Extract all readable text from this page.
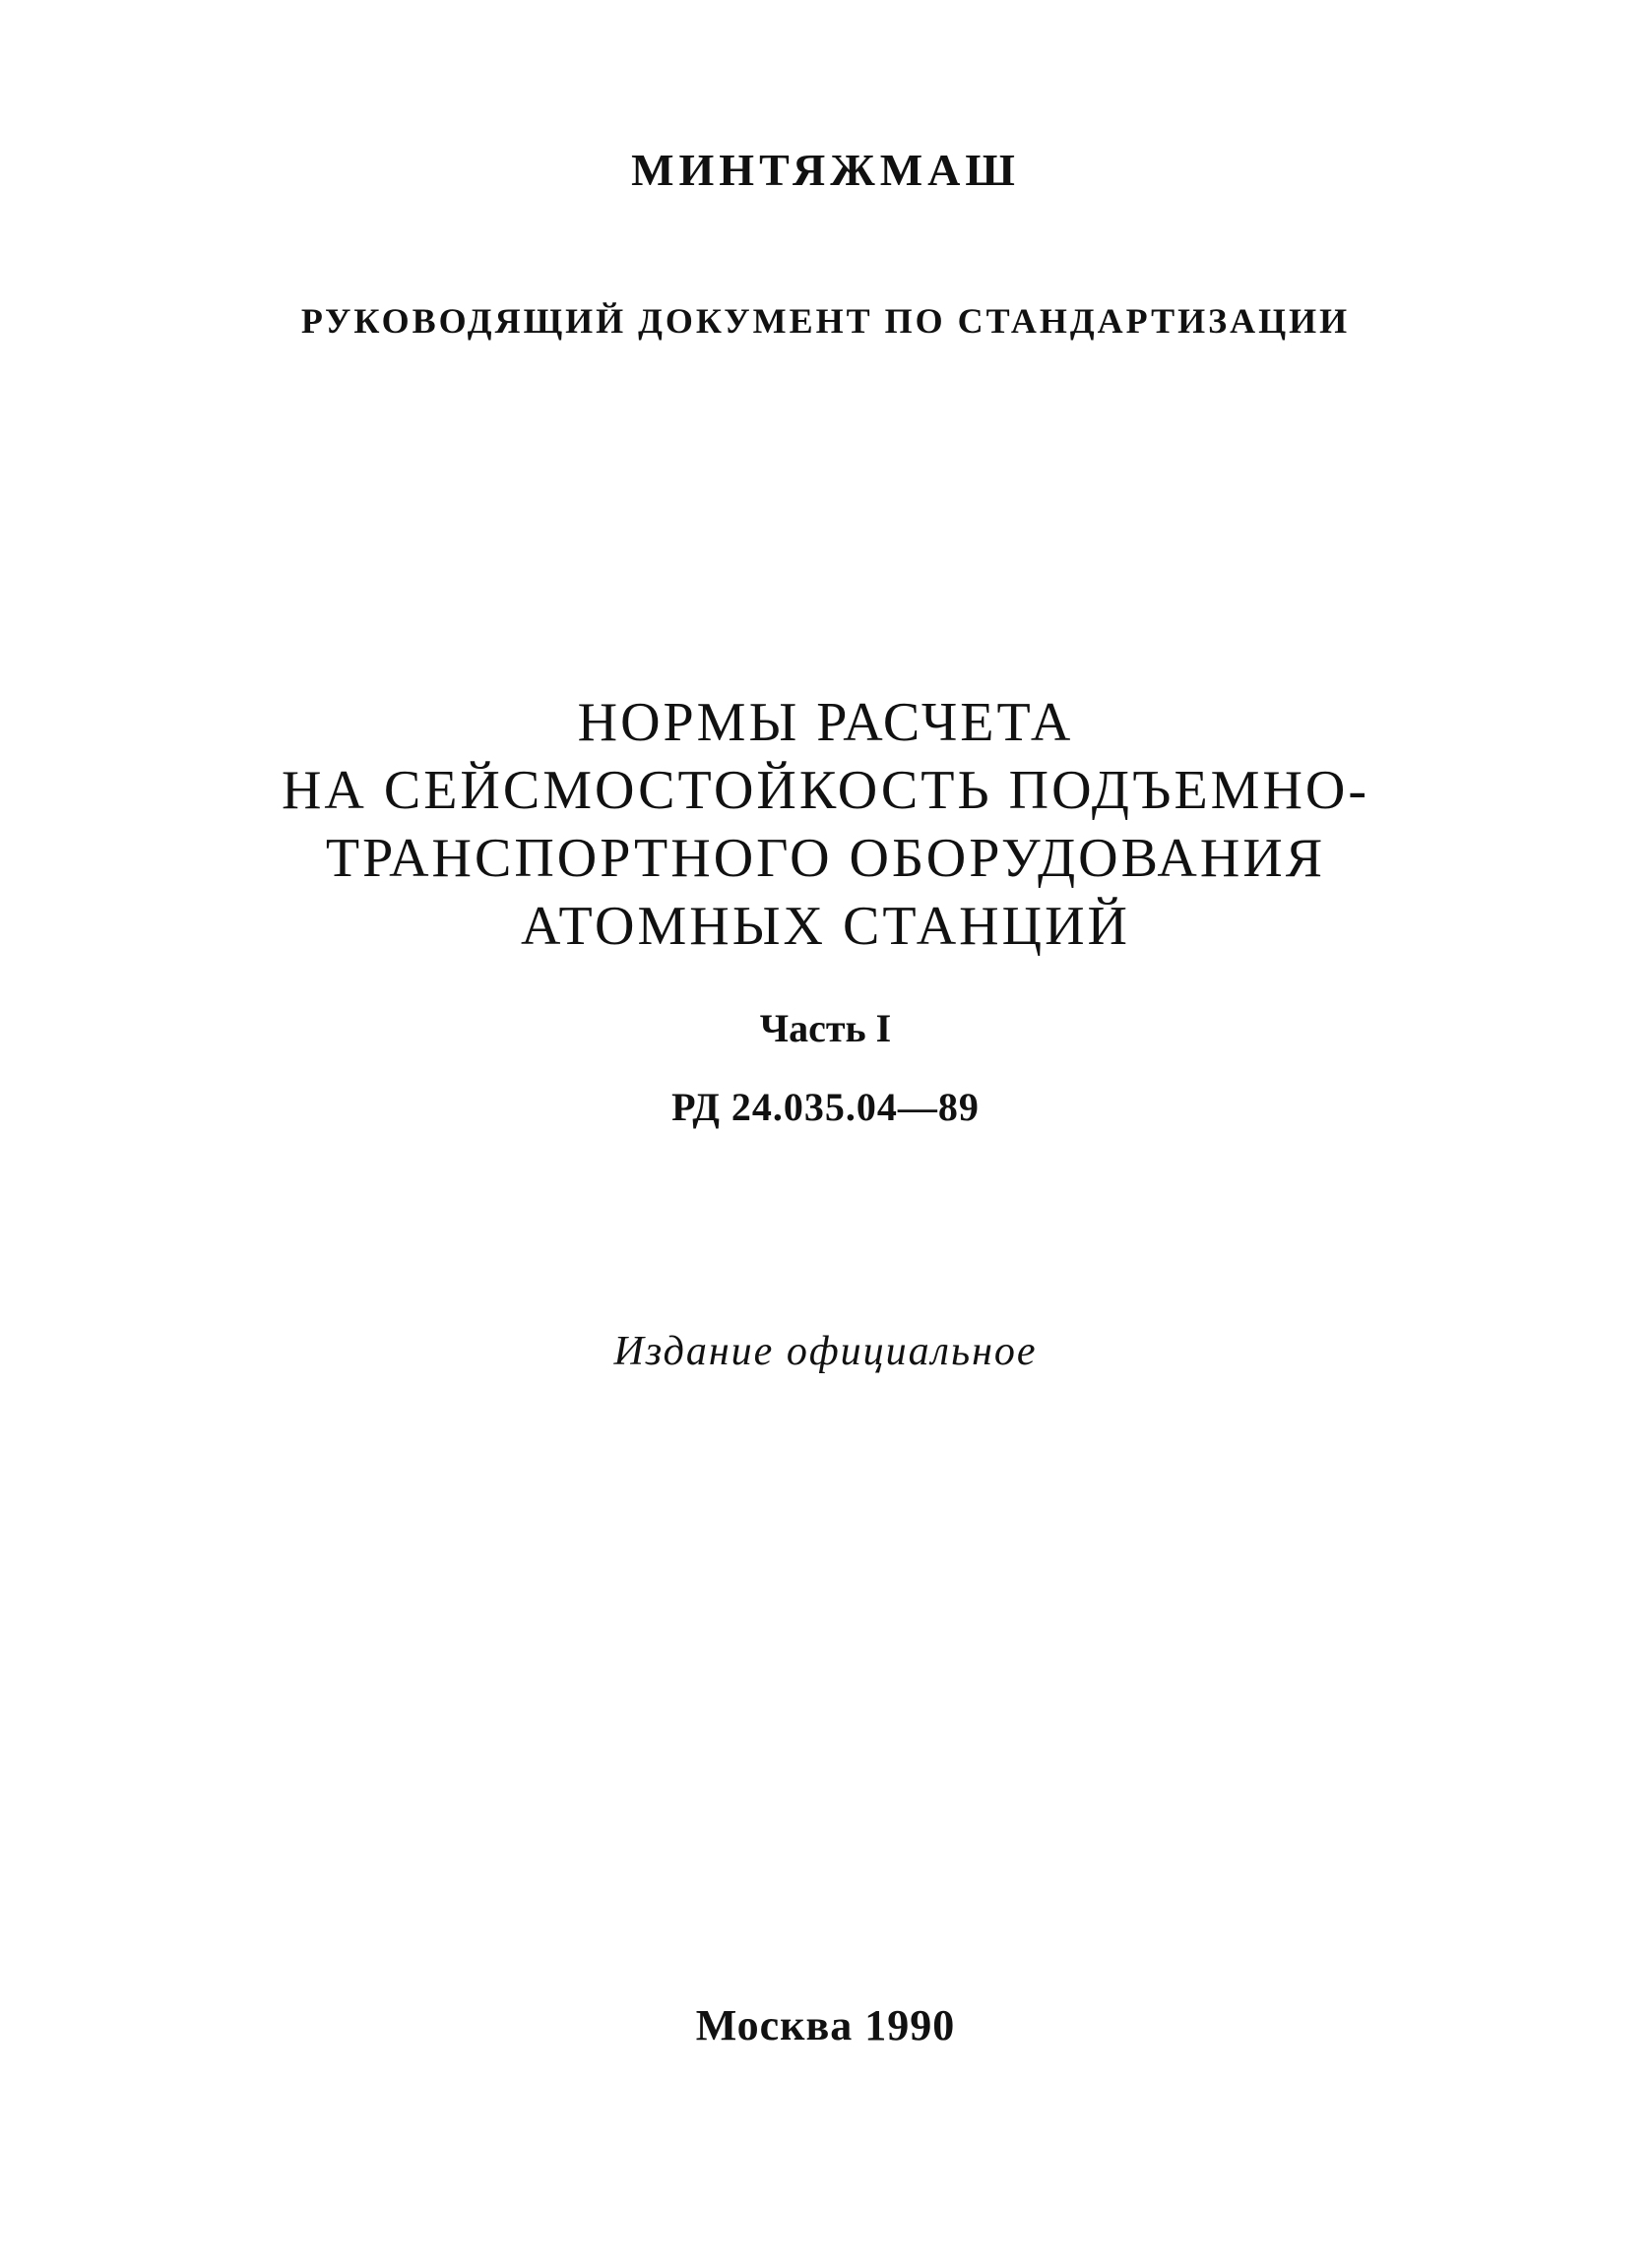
МИНТЯЖМАШ
РУКОВОДЯЩИЙ ДОКУМЕНТ ПО СТАНДАРТИЗАЦИИ
НОРМЫ РАСЧЕТА
НА СЕЙСМОСТОЙКОСТЬ ПОДЪЕМНО-
ТРАНСПОРТНОГО ОБОРУДОВАНИЯ
АТОМНЫХ СТАНЦИЙ
Часть I
РД 24.035.04—89
Издание официальное
Москва 1990
